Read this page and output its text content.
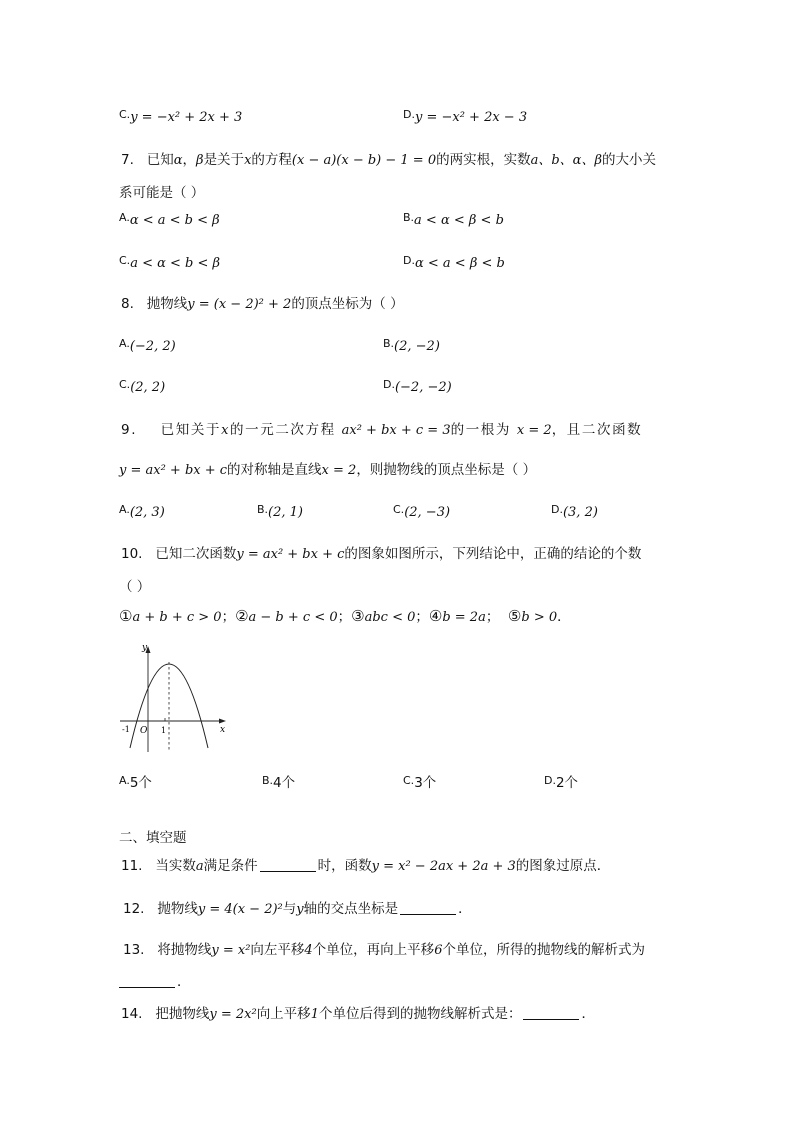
$^{C.}$y = −x² + 2x + 3	$^{D.}$y = −x² + 2x − 3
7. 已知α，β是关于x的方程(x − a)(x − b) − 1 = 0的两实根，实数a、b、α、β的大小关
系可能是（ ）
$^{A.}$α < a < b < β	$^{B.}$a < α < β < b
$^{C.}$a < α < b < β	$^{D.}$α < a < β < b
8. 抛物线y = (x − 2)² + 2的顶点坐标为（ ）
$^{A.}$(−2, 2)	$^{B.}$(2, −2)
$^{C.}$(2, 2)	$^{D.}$(−2, −2)
9. 已知关于x的一元二次方程 ax² + bx + c = 3的一根为 x = 2，且二次函数
y = ax² + bx + c的对称轴是直线x = 2，则抛物线的顶点坐标是（ ）
$^{A.}$(2, 3)	$^{B.}$(2, 1)	$^{C.}$(2, −3)	$^{D.}$(3, 2)
10. 已知二次函数y = ax² + bx + c的图象如图所示，下列结论中，正确的结论的个数
（ ）
①a + b + c > 0；②a − b + c < 0；③abc < 0；④b = 2a； ⑤b > 0．
y
x
O
-1	1
$^{A.}$5个	$^{B.}$4个	$^{C.}$3个	$^{D.}$2个
二、填空题
11. 当实数a满足条件	时，函数y = x² − 2ax + 2a + 3的图象过原点．
12. 抛物线y = 4(x − 2)²与y轴的交点坐标是	．
13. 将抛物线y = x²向左平移4个单位，再向上平移6个单位，所得的抛物线的解析式为
．
14. 把抛物线y = 2x²向上平移1个单位后得到的抛物线解析式是：	．
